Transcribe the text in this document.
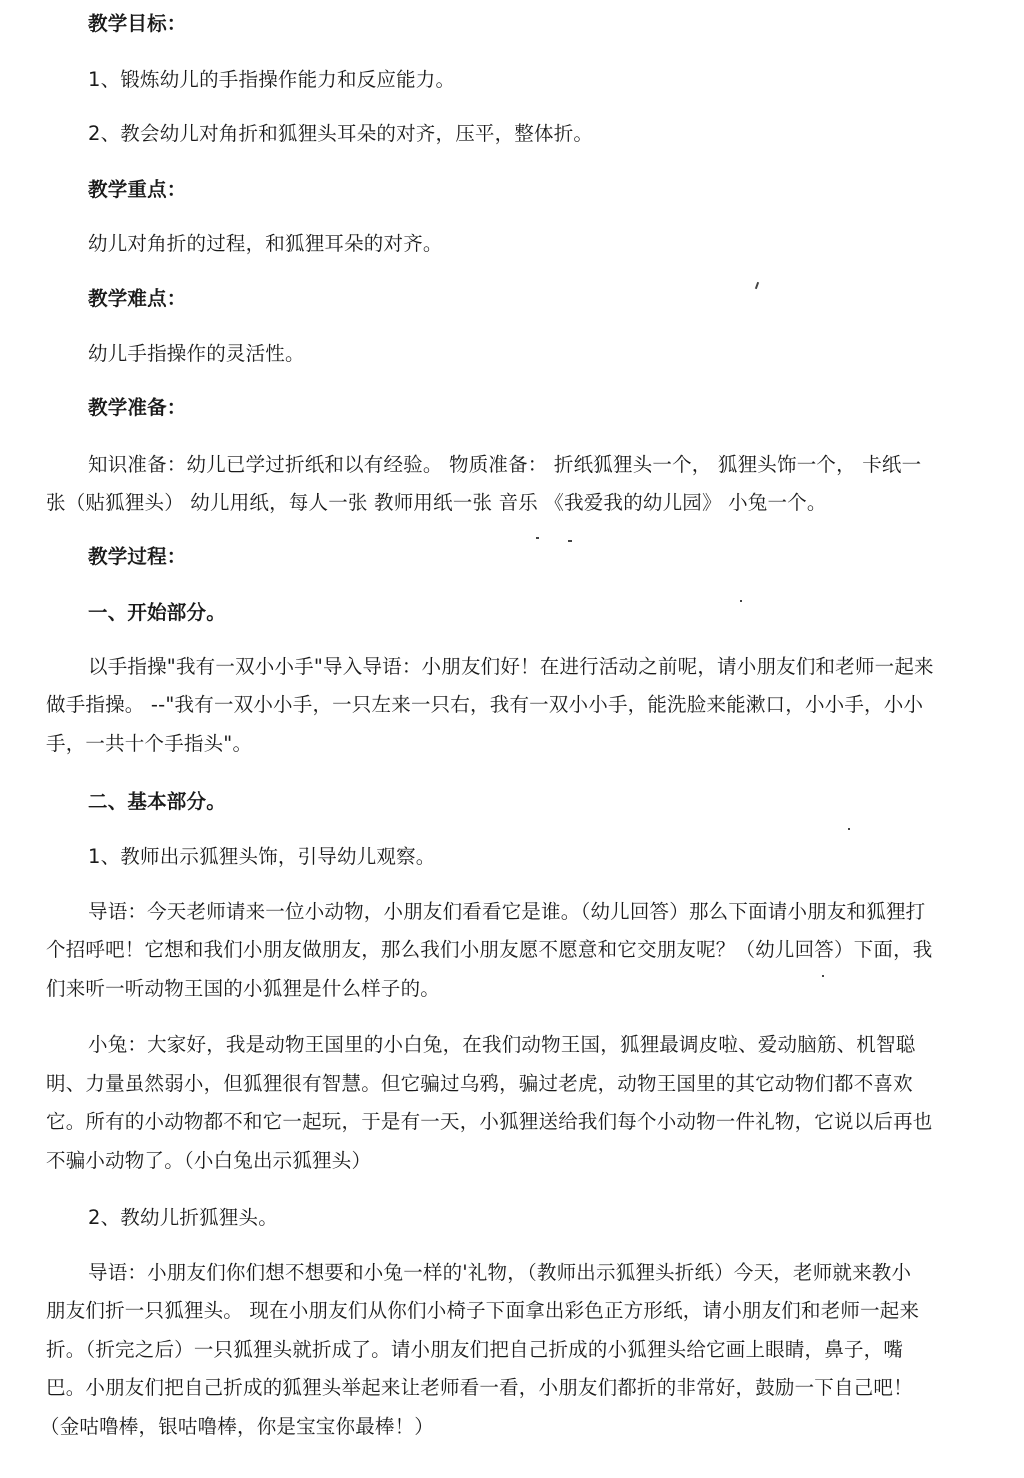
教学目标：

1、锻炼幼儿的手指操作能力和反应能力。

2、教会幼儿对角折和狐狸头耳朵的对齐，压平，整体折。

教学重点：

幼儿对角折的过程，和狐狸耳朵的对齐。

教学难点：

幼儿手指操作的灵活性。

教学准备：

知识准备：幼儿已学过折纸和以有经验。 物质准备： 折纸狐狸头一个， 狐狸头饰一个， 卡纸一

张（贴狐狸头） 幼儿用纸，每人一张 教师用纸一张 音乐 《我爱我的幼儿园》 小兔一个。

教学过程：

一、开始部分。

以手指操"我有一双小小手"导入导语：小朋友们好！在进行活动之前呢，请小朋友们和老师一起来

做手指操。 --"我有一双小小手，一只左来一只右，我有一双小小手，能洗脸来能漱口，小小手，小小

手，一共十个手指头"。

二、基本部分。

1、教师出示狐狸头饰，引导幼儿观察。

导语：今天老师请来一位小动物，小朋友们看看它是谁。（幼儿回答）那么下面请小朋友和狐狸打

个招呼吧！它想和我们小朋友做朋友，那么我们小朋友愿不愿意和它交朋友呢？（幼儿回答）下面，我

们来听一听动物王国的小狐狸是什么样子的。

小兔：大家好，我是动物王国里的小白兔，在我们动物王国，狐狸最调皮啦、爱动脑筋、机智聪

明、力量虽然弱小，但狐狸很有智慧。但它骗过乌鸦，骗过老虎，动物王国里的其它动物们都不喜欢

它。所有的小动物都不和它一起玩，于是有一天，小狐狸送给我们每个小动物一件礼物，它说以后再也

不骗小动物了。（小白兔出示狐狸头）

2、教幼儿折狐狸头。

导语：小朋友们你们想不想要和小兔一样的'礼物，（教师出示狐狸头折纸）今天，老师就来教小

朋友们折一只狐狸头。 现在小朋友们从你们小椅子下面拿出彩色正方形纸，请小朋友们和老师一起来

折。（折完之后）一只狐狸头就折成了。请小朋友们把自己折成的小狐狸头给它画上眼睛，鼻子，嘴

巴。小朋友们把自己折成的狐狸头举起来让老师看一看，小朋友们都折的非常好，鼓励一下自己吧！

（金咕噜棒，银咕噜棒，你是宝宝你最棒！）
